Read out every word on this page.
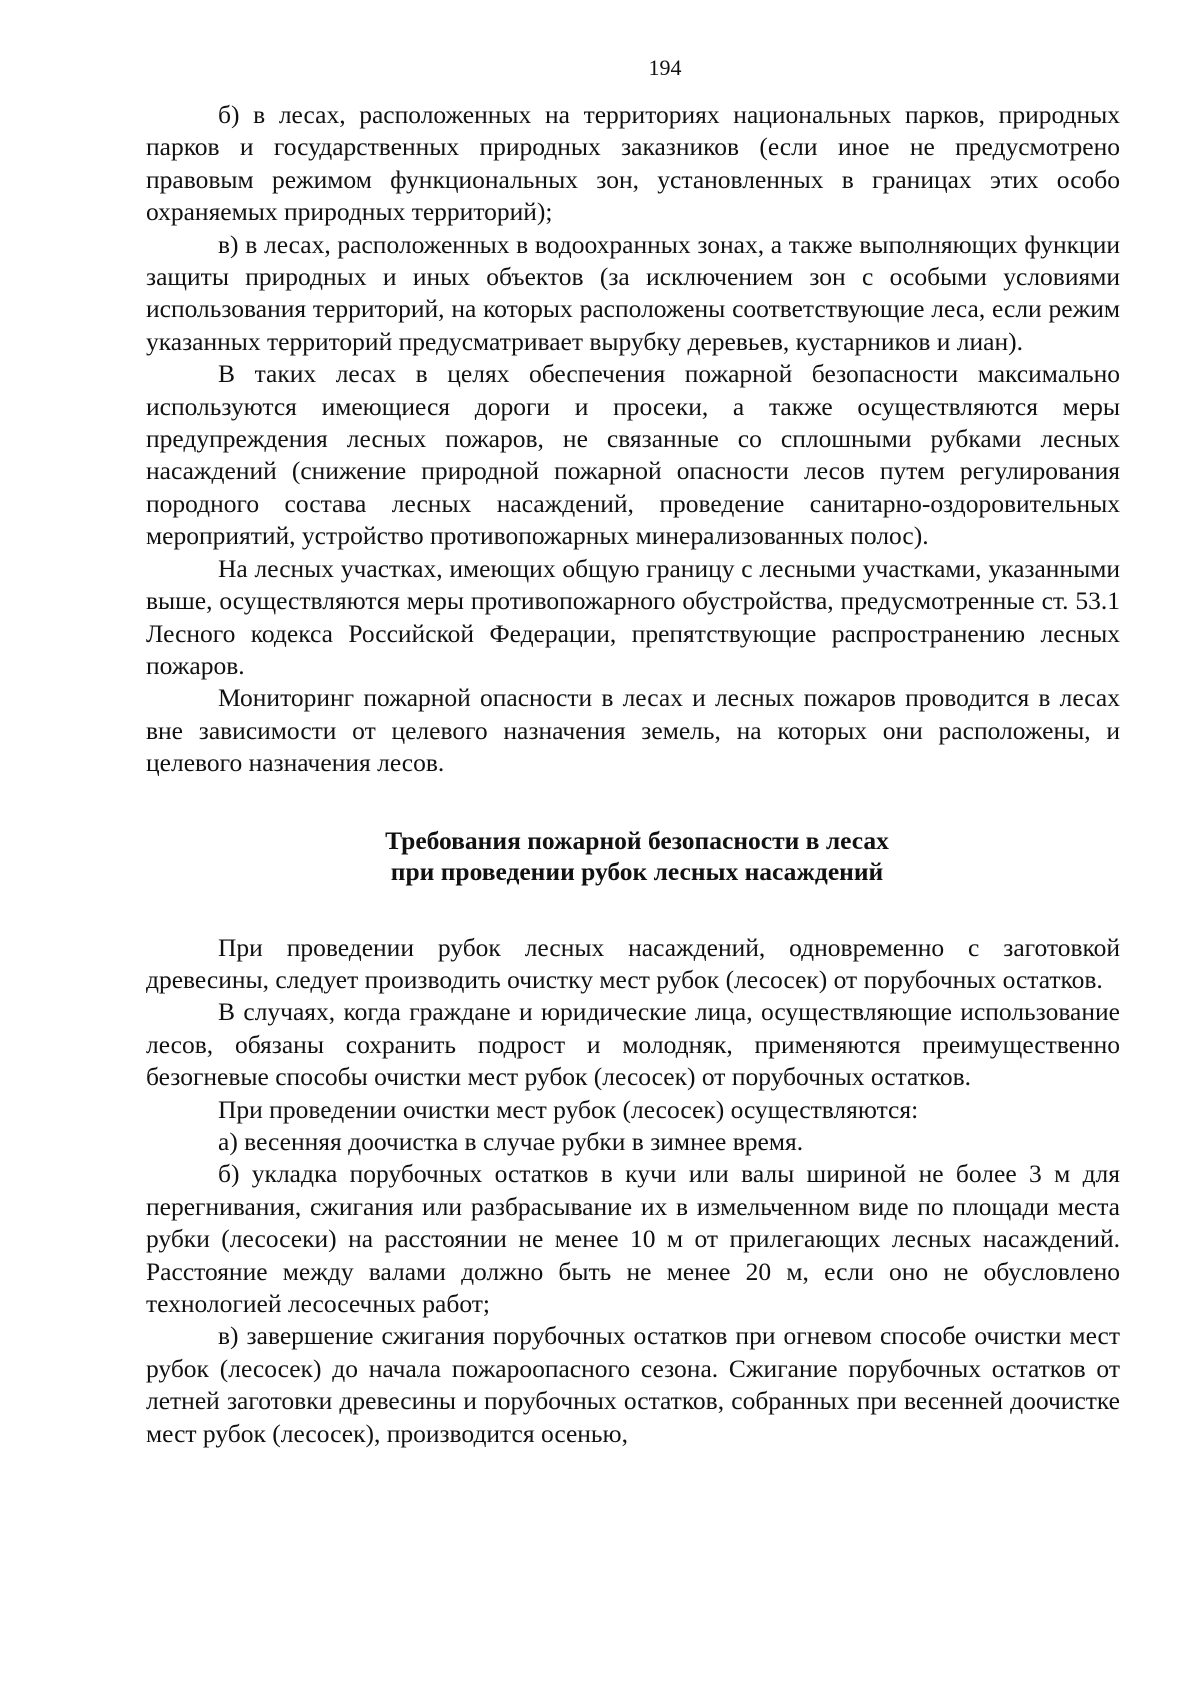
194

б) в лесах, расположенных на территориях национальных парков, природных парков и государственных природных заказников (если иное не предусмотрено правовым режимом функциональных зон, установленных в границах этих особо охраняемых природных территорий);

в) в лесах, расположенных в водоохранных зонах, а также выполняющих функции защиты природных и иных объектов (за исключением зон с особыми условиями использования территорий, на которых расположены соответствующие леса, если режим указанных территорий предусматривает вырубку деревьев, кустарников и лиан).

В таких лесах в целях обеспечения пожарной безопасности максимально используются имеющиеся дороги и просеки, а также осуществляются меры предупреждения лесных пожаров, не связанные со сплошными рубками лесных насаждений (снижение природной пожарной опасности лесов путем регулирования породного состава лесных насаждений, проведение санитарно-оздоровительных мероприятий, устройство противопожарных минерализованных полос).

На лесных участках, имеющих общую границу с лесными участками, указанными выше, осуществляются меры противопожарного обустройства, предусмотренные ст. 53.1 Лесного кодекса Российской Федерации, препятствующие распространению лесных пожаров.

Мониторинг пожарной опасности в лесах и лесных пожаров проводится в лесах вне зависимости от целевого назначения земель, на которых они расположены, и целевого назначения лесов.

Требования пожарной безопасности в лесах
при проведении рубок лесных насаждений

При проведении рубок лесных насаждений, одновременно с заготовкой древесины, следует производить очистку мест рубок (лесосек) от порубочных остатков.

В случаях, когда граждане и юридические лица, осуществляющие использование лесов, обязаны сохранить подрост и молодняк, применяются преимущественно безогневые способы очистки мест рубок (лесосек) от порубочных остатков.

При проведении очистки мест рубок (лесосек) осуществляются:

а) весенняя доочистка в случае рубки в зимнее время.

б) укладка порубочных остатков в кучи или валы шириной не более 3 м для перегнивания, сжигания или разбрасывание их в измельченном виде по площади места рубки (лесосеки) на расстоянии не менее 10 м от прилегающих лесных насаждений. Расстояние между валами должно быть не менее 20 м, если оно не обусловлено технологией лесосечных работ;

в) завершение сжигания порубочных остатков при огневом способе очистки мест рубок (лесосек) до начала пожароопасного сезона. Сжигание порубочных остатков от летней заготовки древесины и порубочных остатков, собранных при весенней доочистке мест рубок (лесосек), производится осенью,
